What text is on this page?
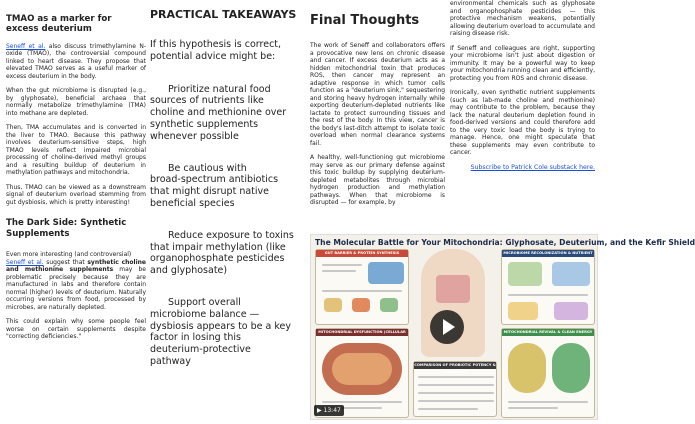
TMAO as a marker for excess deuterium

Seneff et al. also discuss trimethylamine N-oxide (TMAO), the controversial compound linked to heart disease. They propose that elevated TMAO serves as a useful marker of excess deuterium in the body.

When the gut microbiome is disrupted (e.g., by glyphosate), beneficial archaea that normally metabolize trimethylamine (TMA) into methane are depleted.

Then, TMA accumulates and is converted in the liver to TMAO. Because this pathway involves deuterium-sensitive steps, high TMAO levels reflect impaired microbial processing of choline-derived methyl groups and a resulting buildup of deuterium in methylation pathways and mitochondria.

Thus, TMAO can be viewed as a downstream signal of deuterium overload stemming from gut dysbiosis, which is pretty interesting!

The Dark Side: Synthetic Supplements

Even more interesting (and controversial)

Seneff et al. suggest that synthetic choline and methionine supplements may be problematic precisely because they are manufactured in labs and therefore contain normal (higher) levels of deuterium. Naturally occurring versions from food, processed by microbes, are naturally depleted.

This could explain why some people feel worse on certain supplements despite "correcting deficiencies."

PRACTICAL TAKEAWAYS
If this hypothesis is correct, potential advice might be:
Prioritize natural food
sources of nutrients like
choline and methionine over
synthetic supplements
whenever possible
Be cautious with
broad-spectrum antibiotics
that might disrupt native
beneficial species
Reduce exposure to toxins
that impair methylation (like
organophosphate pesticides
and glyphosate)
Support overall
microbiome balance —
dysbiosis appears to be a key
factor in losing this
deuterium-protective
pathway
Final Thoughts

The work of Seneff and collaborators offers a provocative new lens on chronic disease and cancer. If excess deuterium acts as a hidden mitochondrial toxin that produces ROS, then cancer may represent an adaptive response in which tumor cells function as a "deuterium sink," sequestering and storing heavy hydrogen internally while exporting deuterium-depleted nutrients like lactate to protect surrounding tissues and the rest of the body. In this view, cancer is the body's last-ditch attempt to isolate toxic overload when normal clearance systems fail.

A healthy, well-functioning gut microbiome may serve as our primary defense against this toxic buildup by supplying deuterium-depleted metabolites through microbial hydrogen production and methylation pathways. When that microbiome is disrupted — for example, by

environmental chemicals such as glyphosate and organophosphate pesticides — this protective mechanism weakens, potentially allowing deuterium overload to accumulate and raising disease risk.

If Seneff and colleagues are right, supporting your microbiome isn't just about digestion or immunity. It may be a powerful way to keep your mitochondria running clean and efficiently, protecting you from ROS and chronic disease.

Ironically, even synthetic nutrient supplements (such as lab-made choline and methionine) may contribute to the problem, because they lack the natural deuterium depletion found in food-derived versions and could therefore add to the very toxic load the body is trying to manage. Hence, one might speculate that these supplements may even contribute to cancer.

Subscribe to Patrick Cole substack here.
The Molecular Battle for Your Mitochondria: Glyphosate, Deuterium, and the Kefir Shield
GUT BARRIER & PROTEIN SYNTHESIS
MITOCHONDRIAL DYSFUNCTION (CELLULAR ENERGY)
COMPARISON OF PROBIOTIC POTENCY & COMPLEXITY
MICROBIOME RECOLONIZATION & NUTRIENT UTILIZATION
MITOCHONDRIAL REVIVAL & CLEAN ENERGY
▶ 13:47
